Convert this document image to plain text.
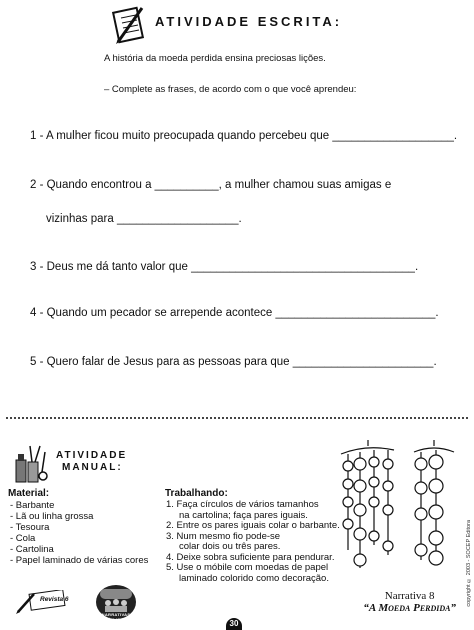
ATIVIDADE ESCRITA:
A história da moeda perdida ensina preciosas lições.
– Complete as frases, de acordo com o que você aprendeu:
1 - A mulher ficou muito preocupada quando percebeu que ___________________.
2 - Quando encontrou a __________, a mulher chamou suas amigas e
vizinhas para ___________________.
3 - Deus me dá tanto valor que ___________________________________.
4 - Quando um pecador se arrepende acontece _________________________.
5 - Quero falar de Jesus para as pessoas para que ______________________.
ATIVIDADE
MANUAL:
Material:
- Barbante
- Lã ou linha grossa
- Tesoura
- Cola
- Cartolina
- Papel laminado de várias cores
Trabalhando:
1. Faça círculos de vários tamanhos
na cartolina; faça pares iguais.
2. Entre os pares iguais colar o barbante.
3. Num mesmo fio pode-se
colar dois ou três pares.
4. Deixe sobra suficiente para pendurar.
5. Use o móbile com moedas de papel
laminado colorido como decoração.
Revista 6
NARRATIVAS BÍBLICAS	30
Narrativa 8
“A Moeda Perdida”
copyright © 2003 - SOCEP Editora
